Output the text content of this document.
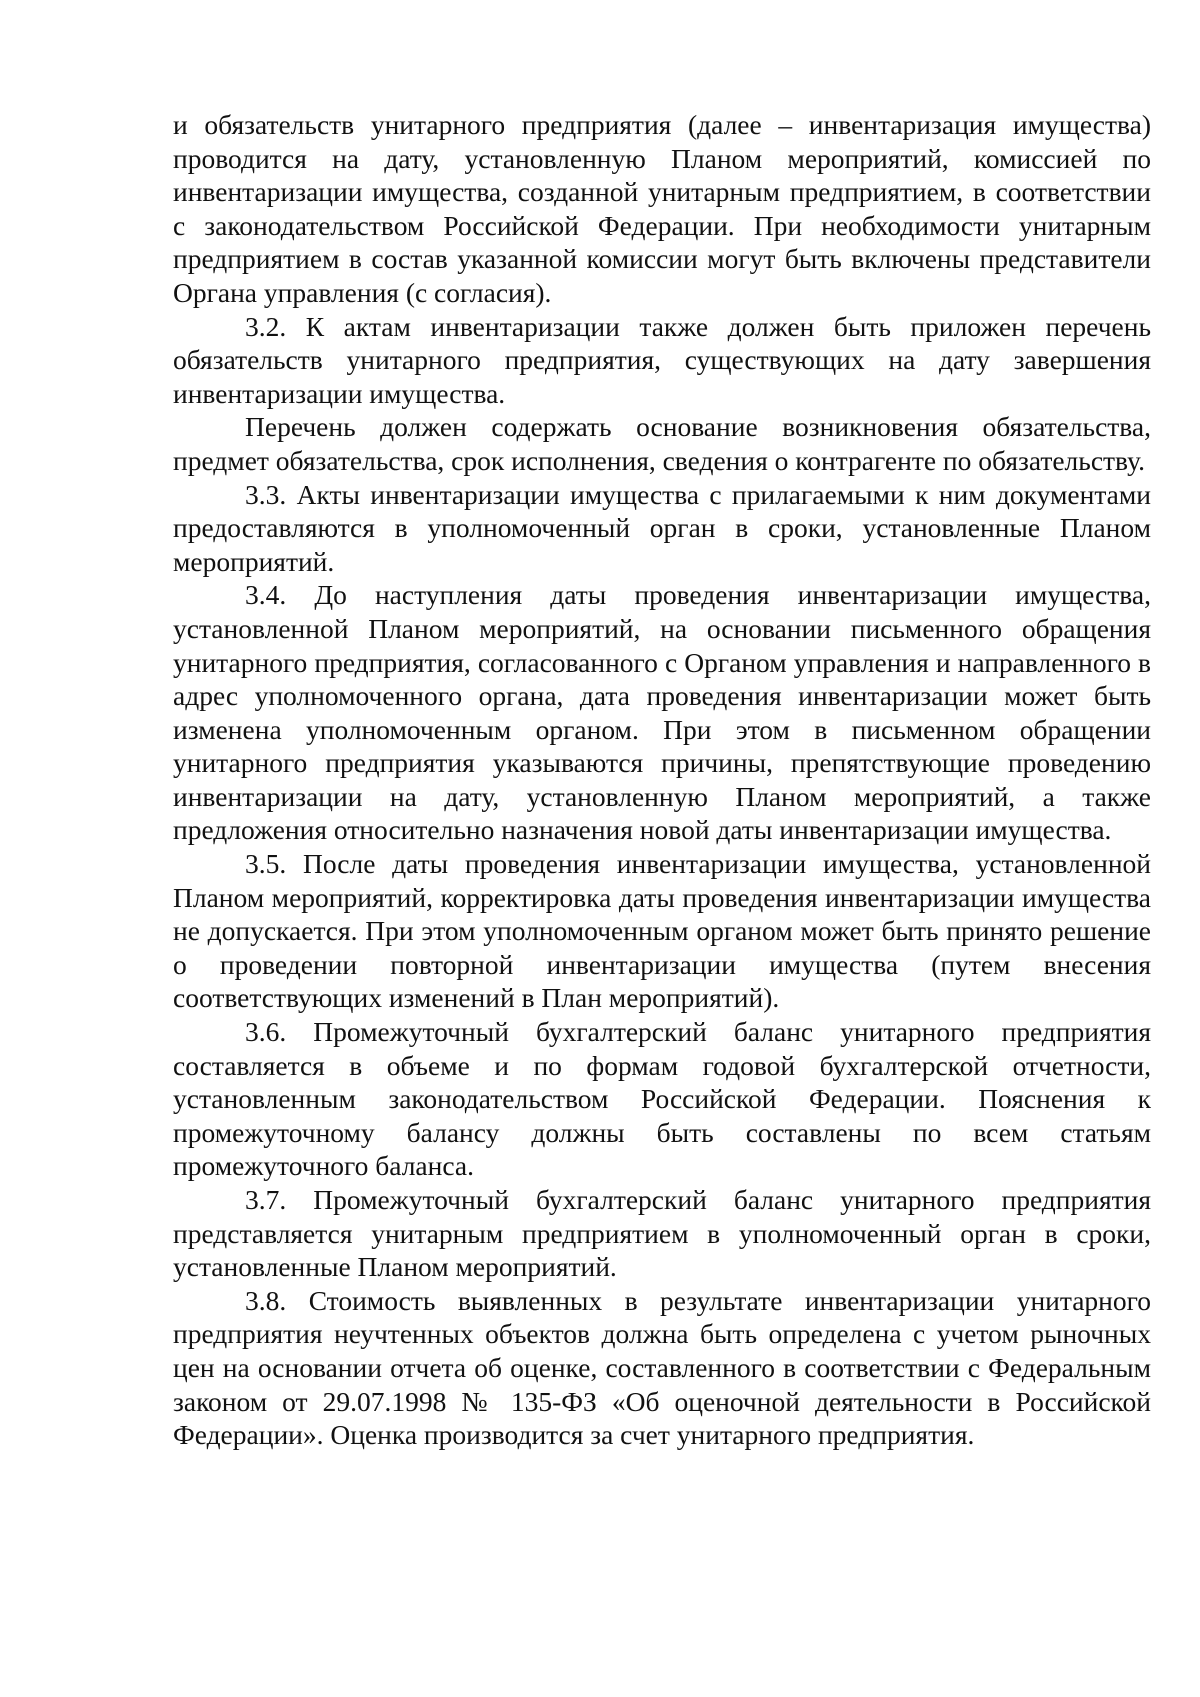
и обязательств унитарного предприятия (далее – инвентаризация имущества) проводится на дату, установленную Планом мероприятий, комиссией по инвентаризации имущества, созданной унитарным предприятием, в соответствии с законодательством Российской Федерации. При необходимости унитарным предприятием в состав указанной комиссии могут быть включены представители Органа управления (с согласия).

3.2. К актам инвентаризации также должен быть приложен перечень обязательств унитарного предприятия, существующих на дату завершения инвентаризации имущества.

Перечень должен содержать основание возникновения обязательства, предмет обязательства, срок исполнения, сведения о контрагенте по обязательству.

3.3. Акты инвентаризации имущества с прилагаемыми к ним документами предоставляются в уполномоченный орган в сроки, установленные Планом мероприятий.

3.4. До наступления даты проведения инвентаризации имущества, установленной Планом мероприятий, на основании письменного обращения унитарного предприятия, согласованного с Органом управления и направленного в адрес уполномоченного органа, дата проведения инвентаризации может быть изменена уполномоченным органом. При этом в письменном обращении унитарного предприятия указываются причины, препятствующие проведению инвентаризации на дату, установленную Планом мероприятий, а также предложения относительно назначения новой даты инвентаризации имущества.

3.5. После даты проведения инвентаризации имущества, установленной Планом мероприятий, корректировка даты проведения инвентаризации имущества не допускается. При этом уполномоченным органом может быть принято решение о проведении повторной инвентаризации имущества (путем внесения соответствующих изменений в План мероприятий).

3.6. Промежуточный бухгалтерский баланс унитарного предприятия составляется в объеме и по формам годовой бухгалтерской отчетности, установленным законодательством Российской Федерации. Пояснения к промежуточному балансу должны быть составлены по всем статьям промежуточного баланса.

3.7. Промежуточный бухгалтерский баланс унитарного предприятия представляется унитарным предприятием в уполномоченный орган в сроки, установленные Планом мероприятий.

3.8. Стоимость выявленных в результате инвентаризации унитарного предприятия неучтенных объектов должна быть определена с учетом рыночных цен на основании отчета об оценке, составленного в соответствии с Федеральным законом от 29.07.1998 № 135-ФЗ «Об оценочной деятельности в Российской Федерации». Оценка производится за счет унитарного предприятия.
